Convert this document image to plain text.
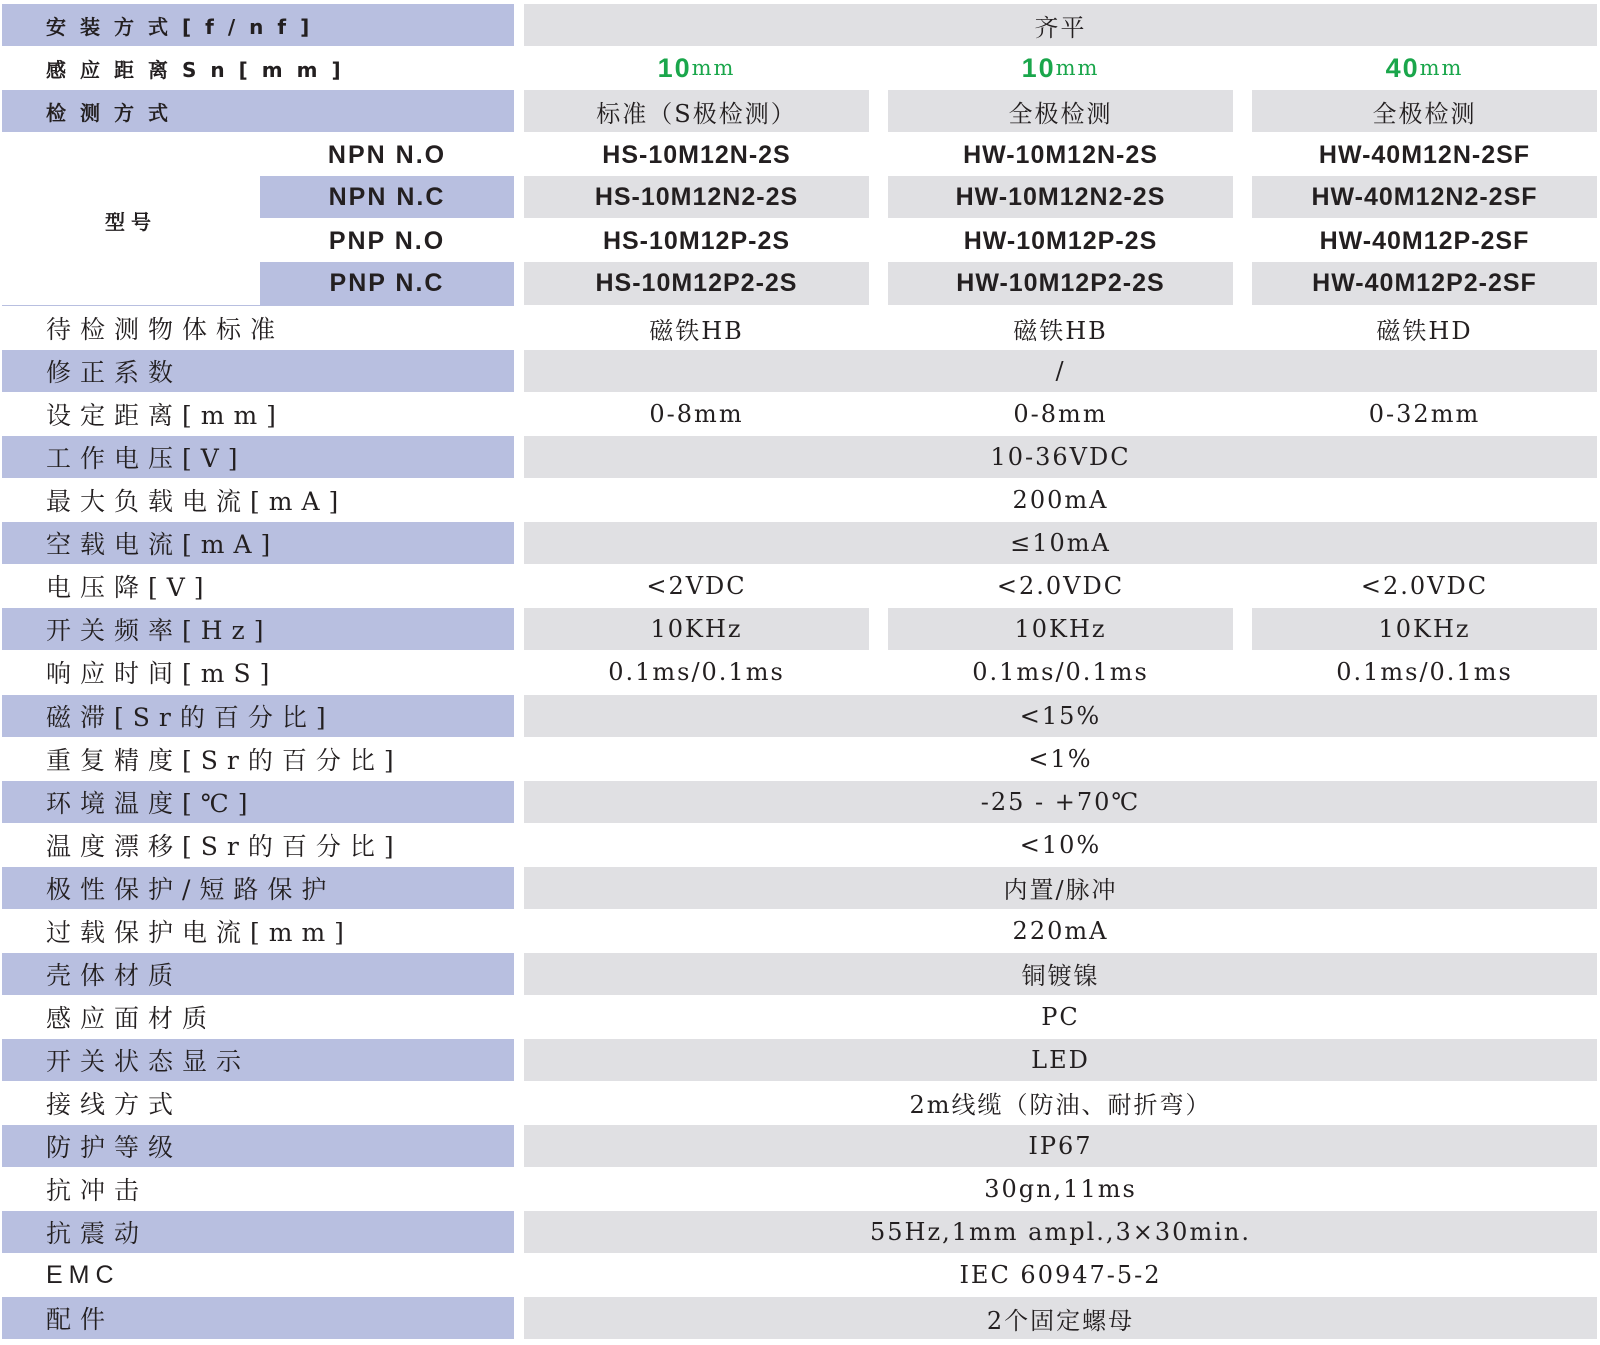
安装方式[f/nf]	齐平
感应距离Sn[mm]	10 mm	10 mm	40 mm
检测方式	标准（S极检测）	全极检测	全极检测
型号
NPN N.O	HS-10M12N-2S	HW-10M12N-2S	HW-40M12N-2SF
NPN N.C	HS-10M12N2-2S	HW-10M12N2-2S	HW-40M12N2-2SF
PNP N.O	HS-10M12P-2S	HW-10M12P-2S	HW-40M12P-2SF
PNP N.C	HS-10M12P2-2S	HW-10M12P2-2S	HW-40M12P2-2SF
待检测物体标准	磁铁HB	磁铁HB	磁铁HD
修正系数	/
设定距离[mm]	0-8mm	0-8mm	0-32mm
工作电压[V]	10-36VDC
最大负载电流[mA]	200mA
空载电流[mA]	≤10mA
电压降[V]	<2VDC	<2.0VDC	<2.0VDC
开关频率[Hz]	10KHz	10KHz	10KHz
响应时间[mS]	0.1ms/0.1ms	0.1ms/0.1ms	0.1ms/0.1ms
磁滞[Sr的百分比]	<15%
重复精度[Sr的百分比]	<1%
环境温度[℃]	-25 - +70℃
温度漂移[Sr的百分比]	<10%
极性保护/短路保护	内置/脉冲
过载保护电流[mm]	220mA
壳体材质	铜镀镍
感应面材质	PC
开关状态显示	LED
接线方式	2m线缆（防油、耐折弯）
防护等级	IP67
抗冲击	30gn,11ms
抗震动	55Hz,1mm ampl.,3×30min.
EMC	IEC 60947-5-2
配件	2个固定螺母
